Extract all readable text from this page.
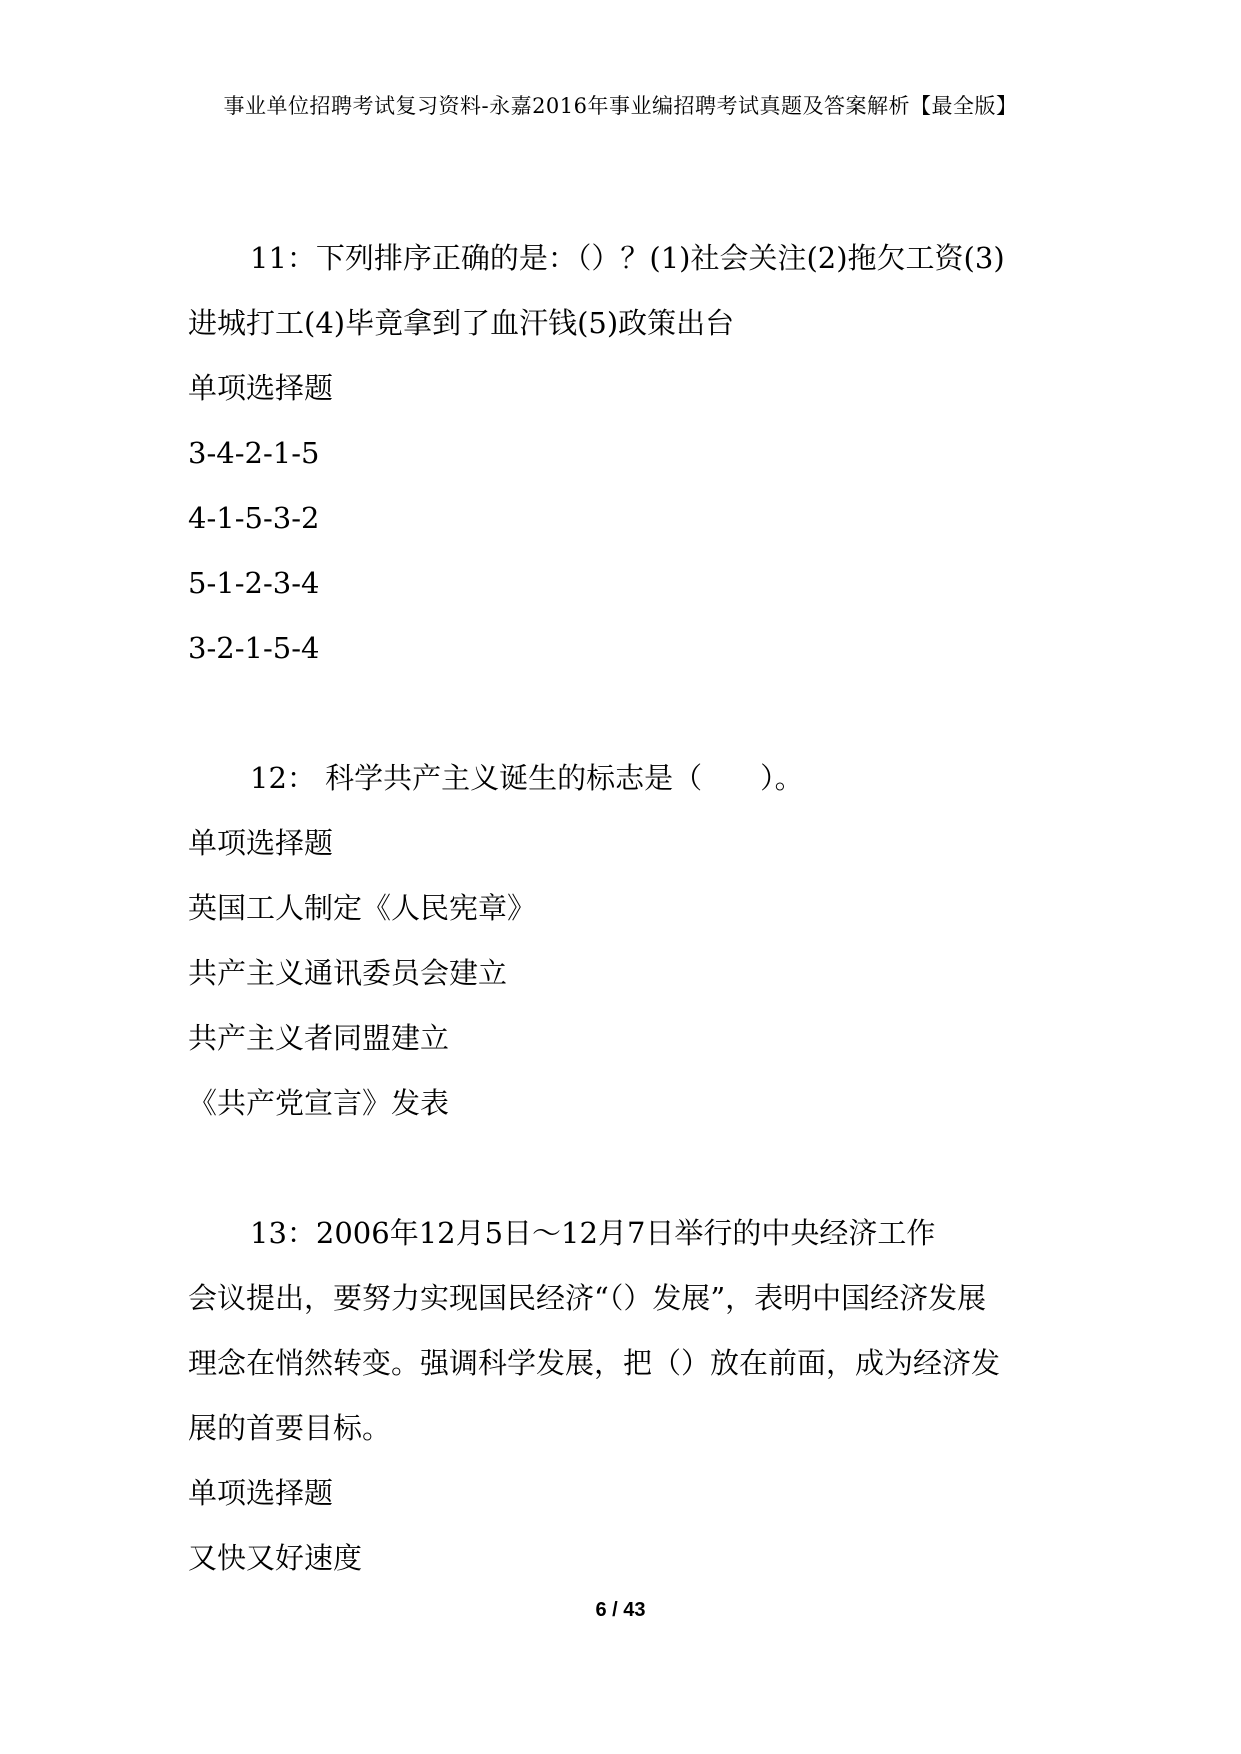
事业单位招聘考试复习资料-永嘉2016年事业编招聘考试真题及答案解析【最全版】

11：下列排序正确的是：（）？(1)社会关注(2)拖欠工资(3)

进城打工(4)毕竟拿到了血汗钱(5)政策出台

单项选择题

3-4-2-1-5

4-1-5-3-2

5-1-2-3-4

3-2-1-5-4

12： 科学共产主义诞生的标志是（　　）。

单项选择题

英国工人制定《人民宪章》

共产主义通讯委员会建立

共产主义者同盟建立

《共产党宣言》发表

13：2006年12月5日～12月7日举行的中央经济工作

会议提出，要努力实现国民经济“（）发展”，表明中国经济发展

理念在悄然转变。强调科学发展，把（）放在前面，成为经济发

展的首要目标。

单项选择题

又快又好速度

6 / 43
